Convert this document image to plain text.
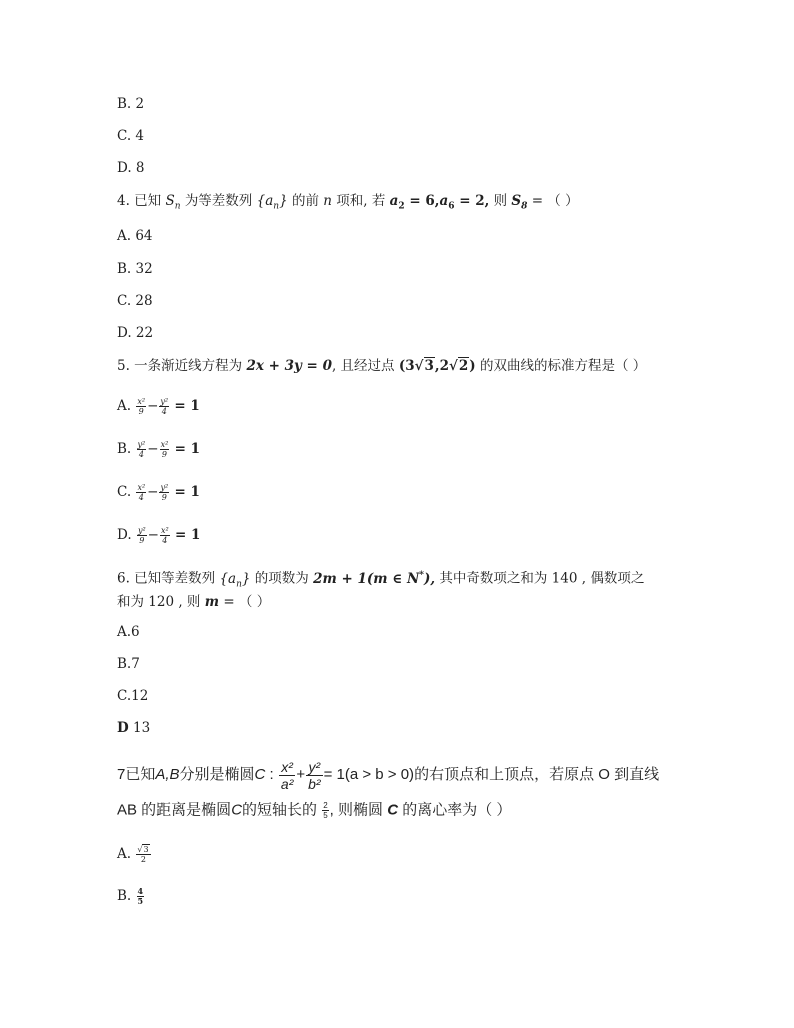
B. 2
C. 4
D. 8
4. 已知 $S_n$ 为等差数列 $\{a_n\}$ 的前 n 项和, 若 $a_2 = 6,a_6 = 2$, 则 $S_8$ = （ ）
A. 64
B. 32
C. 28
D. 22
5. 一条渐近线方程为 2x + 3y = 0, 且经过点 (3√3,2√2) 的双曲线的标准方程是（ ）
A. $\frac{\text{x²}}{9} - \frac{\text{y²}}{4} = 1$
B. $\frac{\text{y²}}{4} - \frac{\text{x²}}{9} = 1$
C. $\frac{\text{x²}}{4} - \frac{\text{y²}}{9} = 1$
D. $\frac{\text{y²}}{9} - \frac{\text{x²}}{4} = 1$
6. 已知等差数列 $\{a_n\}$ 的项数为 2m + 1(m ∈ N*), 其中奇数项之和为 140 , 偶数项之
和为 120 , 则 m = （ ）
A.6
B.7
C.12
D 13
7已知A,B分别是椭圆C : $\frac{\text{x²}}{\text{a²}} + \frac{\text{y²}}{\text{b²}} = 1(a > b > 0)$的右顶点和上顶点，若原点 O 到直线
AB 的距离是椭圆C的短轴长的 $\frac{2}{5}$ , 则椭圆 C 的离心率为（ ）
A. $\frac{√3}{2}$
B. $\frac{4}{5}$
